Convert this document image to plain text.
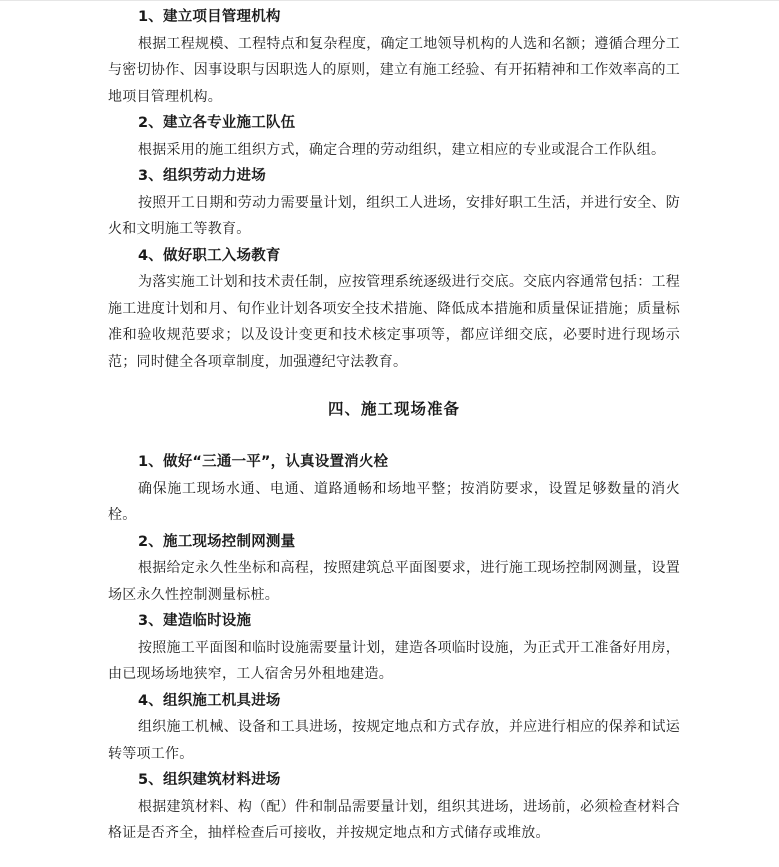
1、建立项目管理机构

根据工程规模、工程特点和复杂程度，确定工地领导机构的人选和名额；遵循合理分工与密切协作、因事设职与因职选人的原则，建立有施工经验、有开拓精神和工作效率高的工地项目管理机构。

2、建立各专业施工队伍

根据采用的施工组织方式，确定合理的劳动组织，建立相应的专业或混合工作队组。

3、组织劳动力进场

按照开工日期和劳动力需要量计划，组织工人进场，安排好职工生活，并进行安全、防火和文明施工等教育。

4、做好职工入场教育

为落实施工计划和技术责任制，应按管理系统逐级进行交底。交底内容通常包括：工程施工进度计划和月、旬作业计划各项安全技术措施、降低成本措施和质量保证措施；质量标准和验收规范要求；以及设计变更和技术核定事项等，都应详细交底，必要时进行现场示范；同时健全各项章制度，加强遵纪守法教育。

四、施工现场准备
1、做好“三通一平”，认真设置消火栓

确保施工现场水通、电通、道路通畅和场地平整；按消防要求，设置足够数量的消火栓。

2、施工现场控制网测量

根据给定永久性坐标和高程，按照建筑总平面图要求，进行施工现场控制网测量，设置场区永久性控制测量标桩。

3、建造临时设施

按照施工平面图和临时设施需要量计划，建造各项临时设施，为正式开工准备好用房，由已现场场地狭窄，工人宿舍另外租地建造。

4、组织施工机具进场

组织施工机械、设备和工具进场，按规定地点和方式存放，并应进行相应的保养和试运转等项工作。

5、组织建筑材料进场

根据建筑材料、构（配）件和制品需要量计划，组织其进场，进场前，必须检查材料合格证是否齐全，抽样检查后可接收，并按规定地点和方式储存或堆放。
